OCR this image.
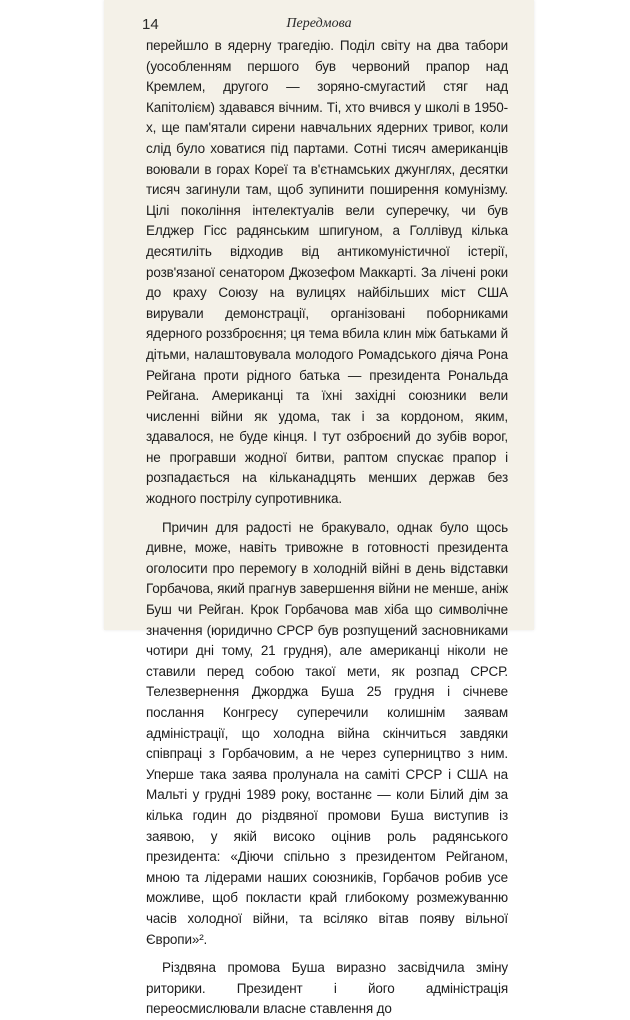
14	Передмова

перейшло в ядерну трагедію. Поділ світу на два табори (уособленням першого був червоний прапор над Кремлем, другого — зоряно-смугастий стяг над Капітолієм) здавався вічним. Ті, хто вчився у школі в 1950-х, ще пам'ятали сирени навчальних ядерних тривог, коли слід було ховатися під партами. Сотні тисяч американців воювали в горах Кореї та в'єтнамських джунглях, десятки тисяч загинули там, щоб зупинити поширення комунізму. Цілі покоління інтелектуалів вели суперечку, чи був Елджер Гісс радянським шпигуном, а Голлівуд кілька десятиліть відходив від антикомуністичної істерії, розв'язаної сенатором Джозефом Маккарті. За лічені роки до краху Союзу на вулицях найбільших міст США вирували демонстрації, організовані поборниками ядерного роззброєння; ця тема вбила клин між батьками й дітьми, налаштовувала молодого Ромадського діяча Рона Рейгана проти рідного батька — президента Рональда Рейгана. Американці та їхні західні союзники вели численні війни як удома, так і за кордоном, яким, здавалося, не буде кінця. І тут озброєний до зубів ворог, не програвши жодної битви, раптом спускає прапор і розпадається на кільканадцять менших держав без жодного пострілу супротивника.

Причин для радості не бракувало, однак було щось дивне, може, навіть тривожне в готовності президента оголосити про перемогу в холодній війні в день відставки Горбачова, який прагнув завершення війни не менше, аніж Буш чи Рейган. Крок Горбачова мав хіба що символічне значення (юридично СРСР був розпущений засновниками чотири дні тому, 21 грудня), але американці ніколи не ставили перед собою такої мети, як розпад СРСР. Телезвернення Джорджа Буша 25 грудня і січневе послання Конгресу суперечили колишнім заявам адміністрації, що холодна війна скінчиться завдяки співпраці з Горбачовим, а не через суперництво з ним. Уперше така заява пролунала на саміті СРСР і США на Мальті у грудні 1989 року, востаннє — коли Білий дім за кілька годин до різдвяної промови Буша виступив із заявою, у якій високо оцінив роль радянського президента: «Діючи спільно з президентом Рейганом, мною та лідерами наших союзників, Горбачов робив усе можливе, щоб покласти край глибокому розмежуванню часів холодної війни, та всіляко вітав появу вільної Європи»².

Різдвяна промова Буша виразно засвідчила зміну риторики. Президент і його адміністрація переосмислювали власне ставлення до
